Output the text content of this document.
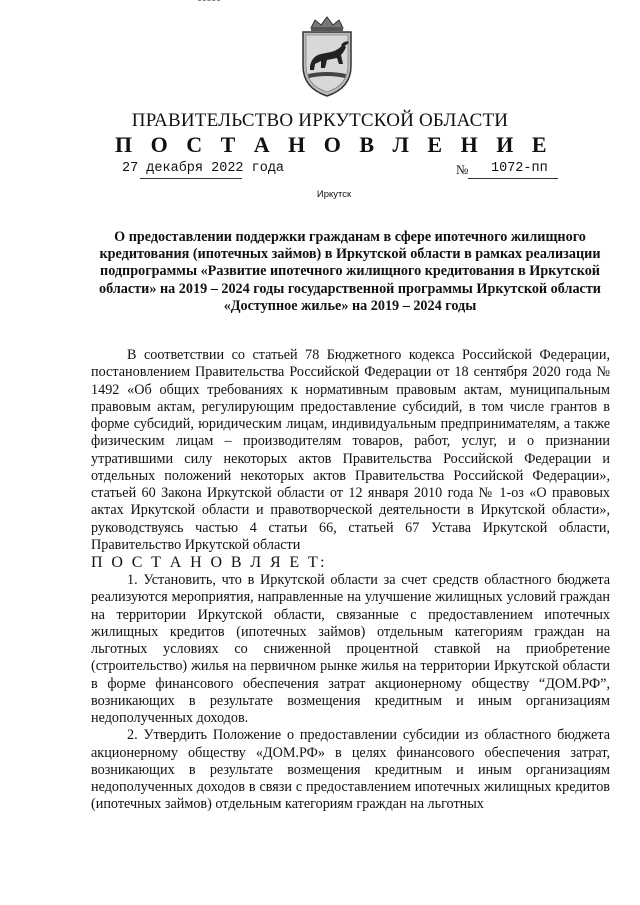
ПРАВИТЕЛЬСТВО ИРКУТСКОЙ ОБЛАСТИ
П О С Т А Н О В Л Е Н И Е
27 декабря 2022 года	№ 1072-пп
Иркутск
О предоставлении поддержки гражданам в сфере ипотечного жилищного кредитования (ипотечных займов) в Иркутской области в рамках реализации подпрограммы «Развитие ипотечного жилищного кредитования в Иркутской области» на 2019 – 2024 годы государственной программы Иркутской области «Доступное жилье» на 2019 – 2024 годы

В соответствии со статьей 78 Бюджетного кодекса Российской Федерации, постановлением Правительства Российской Федерации от 18 сентября 2020 года № 1492 «Об общих требованиях к нормативным правовым актам, муниципальным правовым актам, регулирующим предоставление субсидий, в том числе грантов в форме субсидий, юридическим лицам, индивидуальным предпринимателям, а также физическим лицам – производителям товаров, работ, услуг, и о признании утратившими силу некоторых актов Правительства Российской Федерации и отдельных положений некоторых актов Правительства Российской Федерации», статьей 60 Закона Иркутской области от 12 января 2010 года № 1-оз «О правовых актах Иркутской области и правотворческой деятельности в Иркутской области», руководствуясь частью 4 статьи 66, статьей 67 Устава Иркутской области, Правительство Иркутской области

П О С Т А Н О В Л Я Е Т:

1. Установить, что в Иркутской области за счет средств областного бюджета реализуются мероприятия, направленные на улучшение жилищных условий граждан на территории Иркутской области, связанные с предоставлением ипотечных жилищных кредитов (ипотечных займов) отдельным категориям граждан на льготных условиях со сниженной процентной ставкой на приобретение (строительство) жилья на первичном рынке жилья на территории Иркутской области в форме финансового обеспечения затрат акционерному обществу “ДОМ.РФ”, возникающих в результате возмещения кредитным и иным организациям недополученных доходов.

2. Утвердить Положение о предоставлении субсидии из областного бюджета акционерному обществу «ДОМ.РФ» в целях финансового обеспечения затрат, возникающих в результате возмещения кредитным и иным организациям недополученных доходов в связи с предоставлением ипотечных жилищных кредитов (ипотечных займов) отдельным категориям граждан на льготных
